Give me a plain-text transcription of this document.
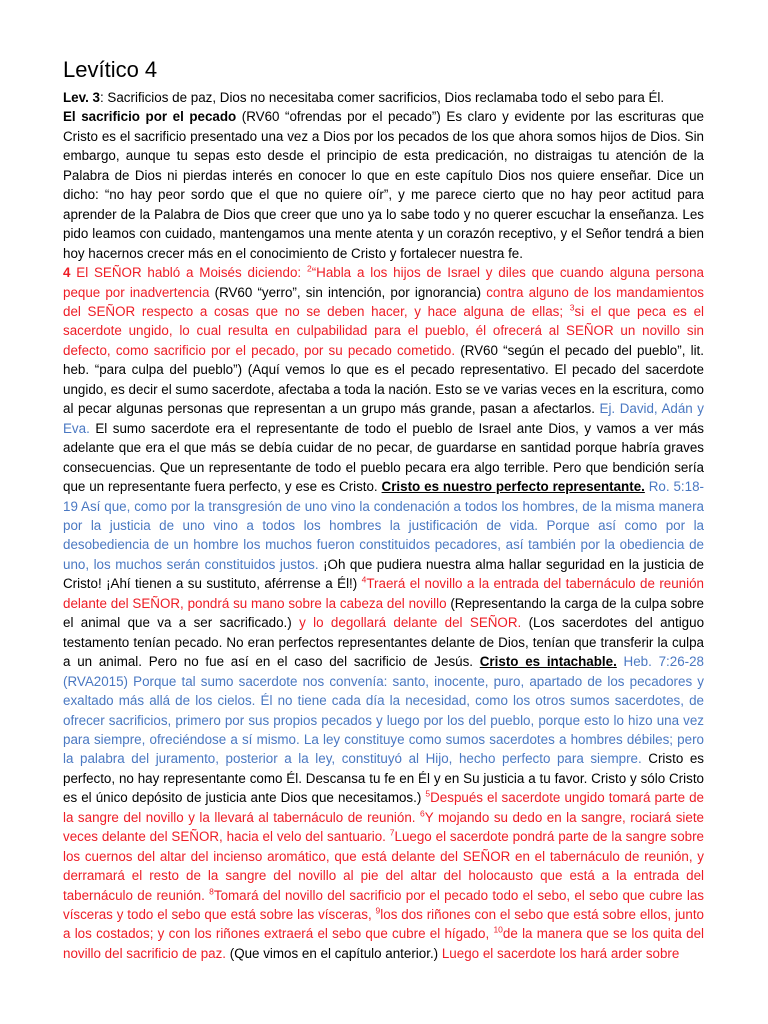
Levítico 4

Lev. 3: Sacrificios de paz, Dios no necesitaba comer sacrificios, Dios reclamaba todo el sebo para Él.

El sacrificio por el pecado (RV60 “ofrendas por el pecado”) Es claro y evidente por las escrituras que Cristo es el sacrificio presentado una vez a Dios por los pecados de los que ahora somos hijos de Dios. Sin embargo, aunque tu sepas esto desde el principio de esta predicación, no distraigas tu atención de la Palabra de Dios ni pierdas interés en conocer lo que en este capítulo Dios nos quiere enseñar. Dice un dicho: “no hay peor sordo que el que no quiere oír”, y me parece cierto que no hay peor actitud para aprender de la Palabra de Dios que creer que uno ya lo sabe todo y no querer escuchar la enseñanza. Les pido leamos con cuidado, mantengamos una mente atenta y un corazón receptivo, y el Señor tendrá a bien hoy hacernos crecer más en el conocimiento de Cristo y fortalecer nuestra fe.

4 El SEÑOR habló a Moisés diciendo: $^2$“Habla a los hijos de Israel y diles que cuando alguna persona peque por inadvertencia (RV60 “yerro”, sin intención, por ignorancia) contra alguno de los mandamientos del SEÑOR respecto a cosas que no se deben hacer, y hace alguna de ellas; $^3$si el que peca es el sacerdote ungido, lo cual resulta en culpabilidad para el pueblo, él ofrecerá al SEÑOR un novillo sin defecto, como sacrificio por el pecado, por su pecado cometido. (RV60 “según el pecado del pueblo”, lit. heb. “para culpa del pueblo”) (Aquí vemos lo que es el pecado representativo. El pecado del sacerdote ungido, es decir el sumo sacerdote, afectaba a toda la nación. Esto se ve varias veces en la escritura, como al pecar algunas personas que representan a un grupo más grande, pasan a afectarlos. Ej. David, Adán y Eva. El sumo sacerdote era el representante de todo el pueblo de Israel ante Dios, y vamos a ver más adelante que era el que más se debía cuidar de no pecar, de guardarse en santidad porque habría graves consecuencias. Que un representante de todo el pueblo pecara era algo terrible. Pero que bendición sería que un representante fuera perfecto, y ese es Cristo. Cristo es nuestro perfecto representante. Ro. 5:18-19 Así que, como por la transgresión de uno vino la condenación a todos los hombres, de la misma manera por la justicia de uno vino a todos los hombres la justificación de vida. Porque así como por la desobediencia de un hombre los muchos fueron constituidos pecadores, así también por la obediencia de uno, los muchos serán constituidos justos. ¡Oh que pudiera nuestra alma hallar seguridad en la justicia de Cristo! ¡Ahí tienen a su sustituto, aférrense a Él!) $^4$Traerá el novillo a la entrada del tabernáculo de reunión delante del SEÑOR, pondrá su mano sobre la cabeza del novillo (Representando la carga de la culpa sobre el animal que va a ser sacrificado.) y lo degollará delante del SEÑOR. (Los sacerdotes del antiguo testamento tenían pecado. No eran perfectos representantes delante de Dios, tenían que transferir la culpa a un animal. Pero no fue así en el caso del sacrificio de Jesús. Cristo es intachable. Heb. 7:26-28 (RVA2015) Porque tal sumo sacerdote nos convenía: santo, inocente, puro, apartado de los pecadores y exaltado más allá de los cielos. Él no tiene cada día la necesidad, como los otros sumos sacerdotes, de ofrecer sacrificios, primero por sus propios pecados y luego por los del pueblo, porque esto lo hizo una vez para siempre, ofreciéndose a sí mismo. La ley constituye como sumos sacerdotes a hombres débiles; pero la palabra del juramento, posterior a la ley, constituyó al Hijo, hecho perfecto para siempre. Cristo es perfecto, no hay representante como Él. Descansa tu fe en Él y en Su justicia a tu favor. Cristo y sólo Cristo es el único depósito de justicia ante Dios que necesitamos.) $^5$Después el sacerdote ungido tomará parte de la sangre del novillo y la llevará al tabernáculo de reunión. $^6$Y mojando su dedo en la sangre, rociará siete veces delante del SEÑOR, hacia el velo del santuario. $^7$Luego el sacerdote pondrá parte de la sangre sobre los cuernos del altar del incienso aromático, que está delante del SEÑOR en el tabernáculo de reunión, y derramará el resto de la sangre del novillo al pie del altar del holocausto que está a la entrada del tabernáculo de reunión. $^8$Tomará del novillo del sacrificio por el pecado todo el sebo, el sebo que cubre las vísceras y todo el sebo que está sobre las vísceras, $^9$los dos riñones con el sebo que está sobre ellos, junto a los costados; y con los riñones extraerá el sebo que cubre el hígado, $^{10}$de la manera que se los quita del novillo del sacrificio de paz. (Que vimos en el capítulo anterior.) Luego el sacerdote los hará arder sobre
